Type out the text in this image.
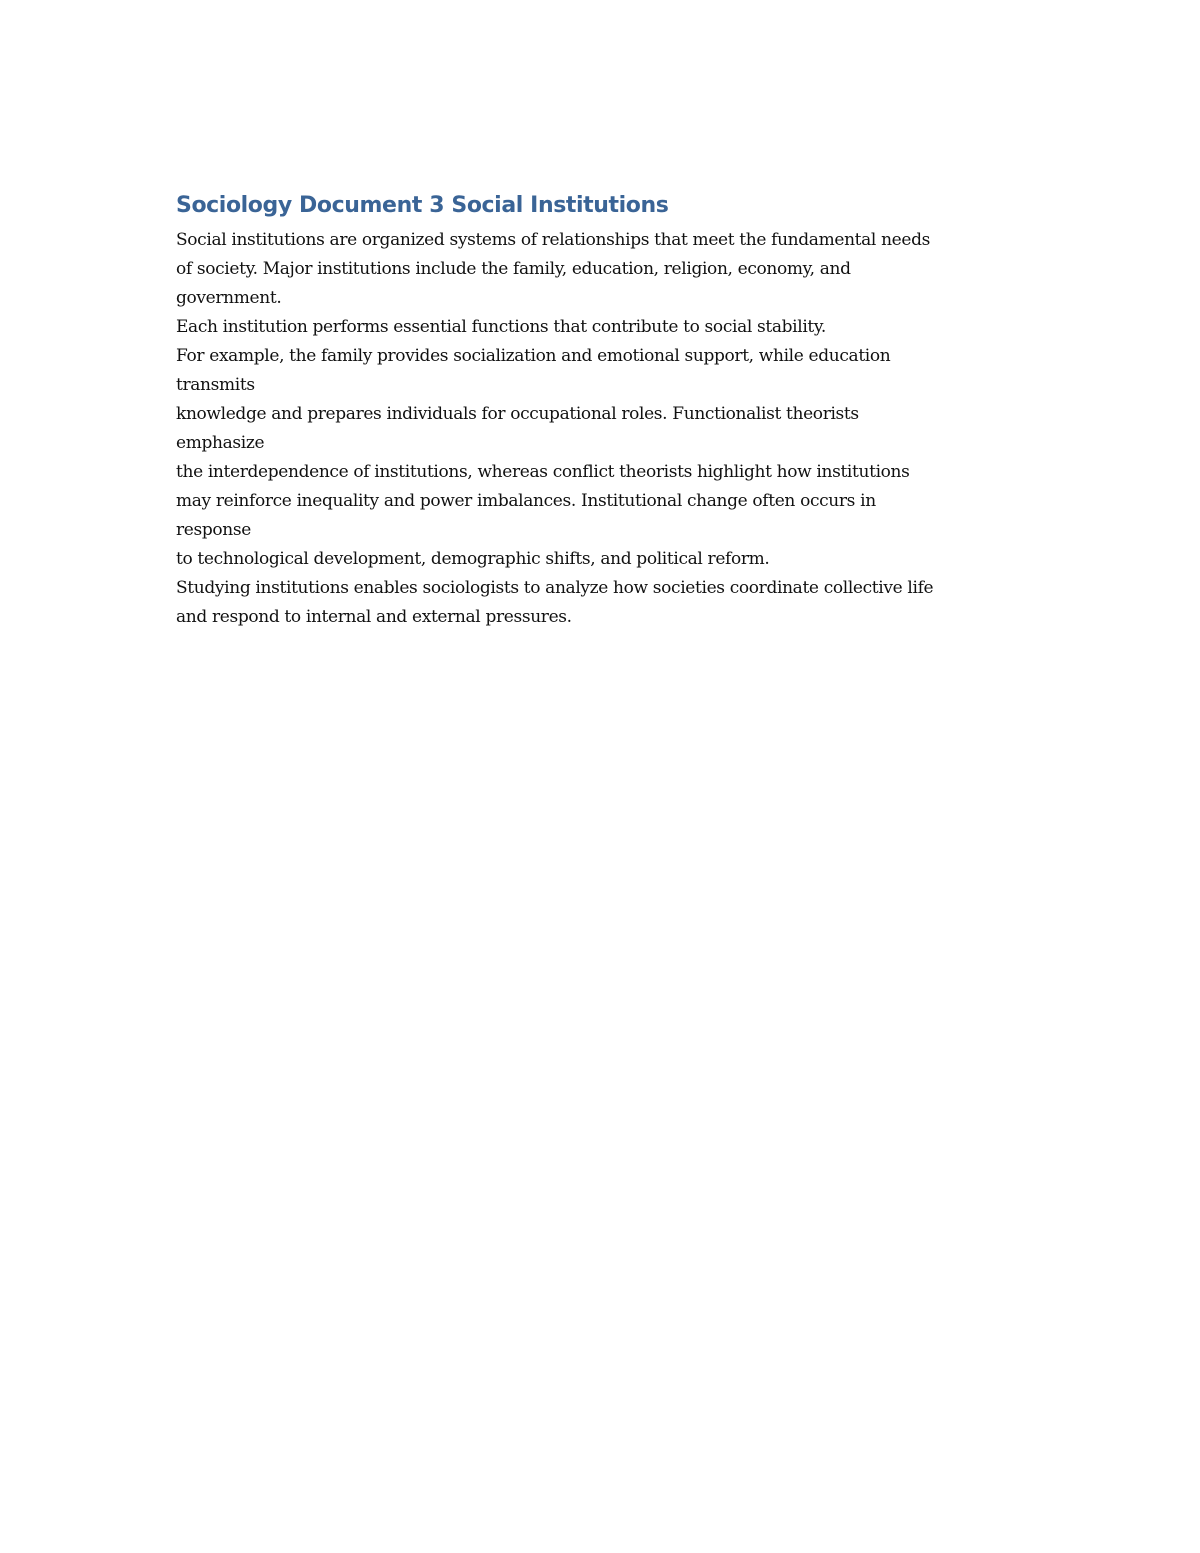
Sociology Document 3 Social Institutions
Social institutions are organized systems of relationships that meet the fundamental needs
of society. Major institutions include the family, education, religion, economy, and
government.
Each institution performs essential functions that contribute to social stability.
For example, the family provides socialization and emotional support, while education
transmits
knowledge and prepares individuals for occupational roles. Functionalist theorists
emphasize
the interdependence of institutions, whereas conflict theorists highlight how institutions
may reinforce inequality and power imbalances. Institutional change often occurs in
response
to technological development, demographic shifts, and political reform.
Studying institutions enables sociologists to analyze how societies coordinate collective life
and respond to internal and external pressures.
